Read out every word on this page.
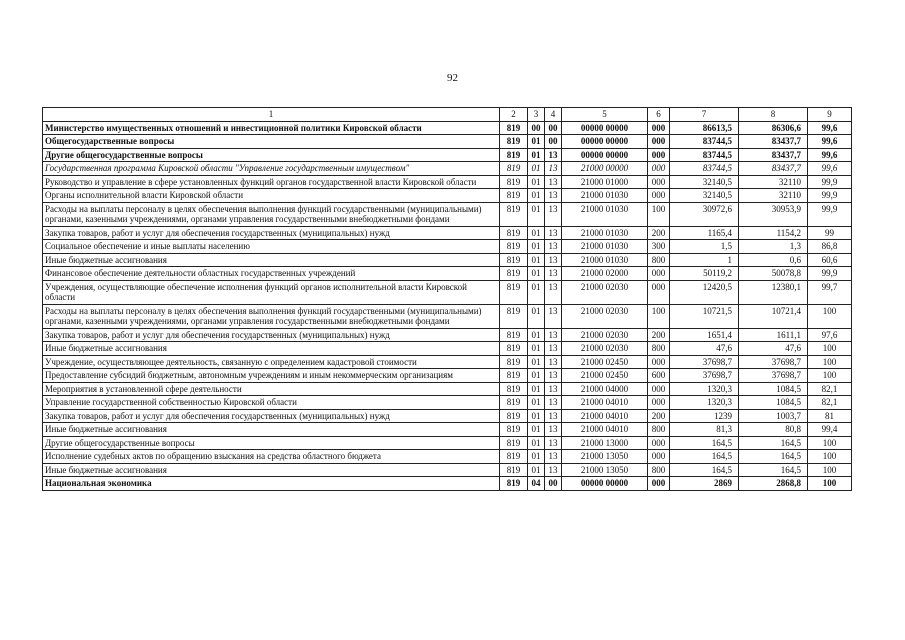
92
1	2	3	4	5	6	7	8	9
Министерство имущественных отношений и инвестиционной политики Кировской области	819	00	00	00000 00000	000	86613,5	86306,6	99,6
Общегосударственные вопросы	819	01	00	00000 00000	000	83744,5	83437,7	99,6
Другие общегосударственные вопросы	819	01	13	00000 00000	000	83744,5	83437,7	99,6
Государственная программа Кировской области "Управление государственным имуществом"	819	01	13	21000 00000	000	83744,5	83437,7	99,6
Руководство и управление в сфере установленных функций органов государственной власти Кировской области	819	01	13	21000 01000	000	32140,5	32110	99,9
Органы исполнительной власти Кировской области	819	01	13	21000 01030	000	32140,5	32110	99,9
Расходы на выплаты персоналу в целях обеспечения выполнения функций государственными (муниципальными) органами, казенными учреждениями, органами управления государственными внебюджетными фондами	819	01	13	21000 01030	100	30972,6	30953,9	99,9
Закупка товаров, работ и услуг для обеспечения государственных (муниципальных) нужд	819	01	13	21000 01030	200	1165,4	1154,2	99
Социальное обеспечение и иные выплаты населению	819	01	13	21000 01030	300	1,5	1,3	86,8
Иные бюджетные ассигнования	819	01	13	21000 01030	800	1	0,6	60,6
Финансовое обеспечение деятельности областных государственных учреждений	819	01	13	21000 02000	000	50119,2	50078,8	99,9
Учреждения, осуществляющие обеспечение исполнения функций органов исполнительной власти Кировской области	819	01	13	21000 02030	000	12420,5	12380,1	99,7
Расходы на выплаты персоналу в целях обеспечения выполнения функций государственными (муниципальными) органами, казенными учреждениями, органами управления государственными внебюджетными фондами	819	01	13	21000 02030	100	10721,5	10721,4	100
Закупка товаров, работ и услуг для обеспечения государственных (муниципальных) нужд	819	01	13	21000 02030	200	1651,4	1611,1	97,6
Иные бюджетные ассигнования	819	01	13	21000 02030	800	47,6	47,6	100
Учреждение, осуществляющее деятельность, связанную с определением кадастровой стоимости	819	01	13	21000 02450	000	37698,7	37698,7	100
Предоставление субсидий бюджетным, автономным учреждениям и иным некоммерческим организациям	819	01	13	21000 02450	600	37698,7	37698,7	100
Мероприятия в установленной сфере деятельности	819	01	13	21000 04000	000	1320,3	1084,5	82,1
Управление государственной собственностью Кировской области	819	01	13	21000 04010	000	1320,3	1084,5	82,1
Закупка товаров, работ и услуг для обеспечения государственных (муниципальных) нужд	819	01	13	21000 04010	200	1239	1003,7	81
Иные бюджетные ассигнования	819	01	13	21000 04010	800	81,3	80,8	99,4
Другие общегосударственные вопросы	819	01	13	21000 13000	000	164,5	164,5	100
Исполнение судебных актов по обращению взыскания на средства областного бюджета	819	01	13	21000 13050	000	164,5	164,5	100
Иные бюджетные ассигнования	819	01	13	21000 13050	800	164,5	164,5	100
Национальная экономика	819	04	00	00000 00000	000	2869	2868,8	100
